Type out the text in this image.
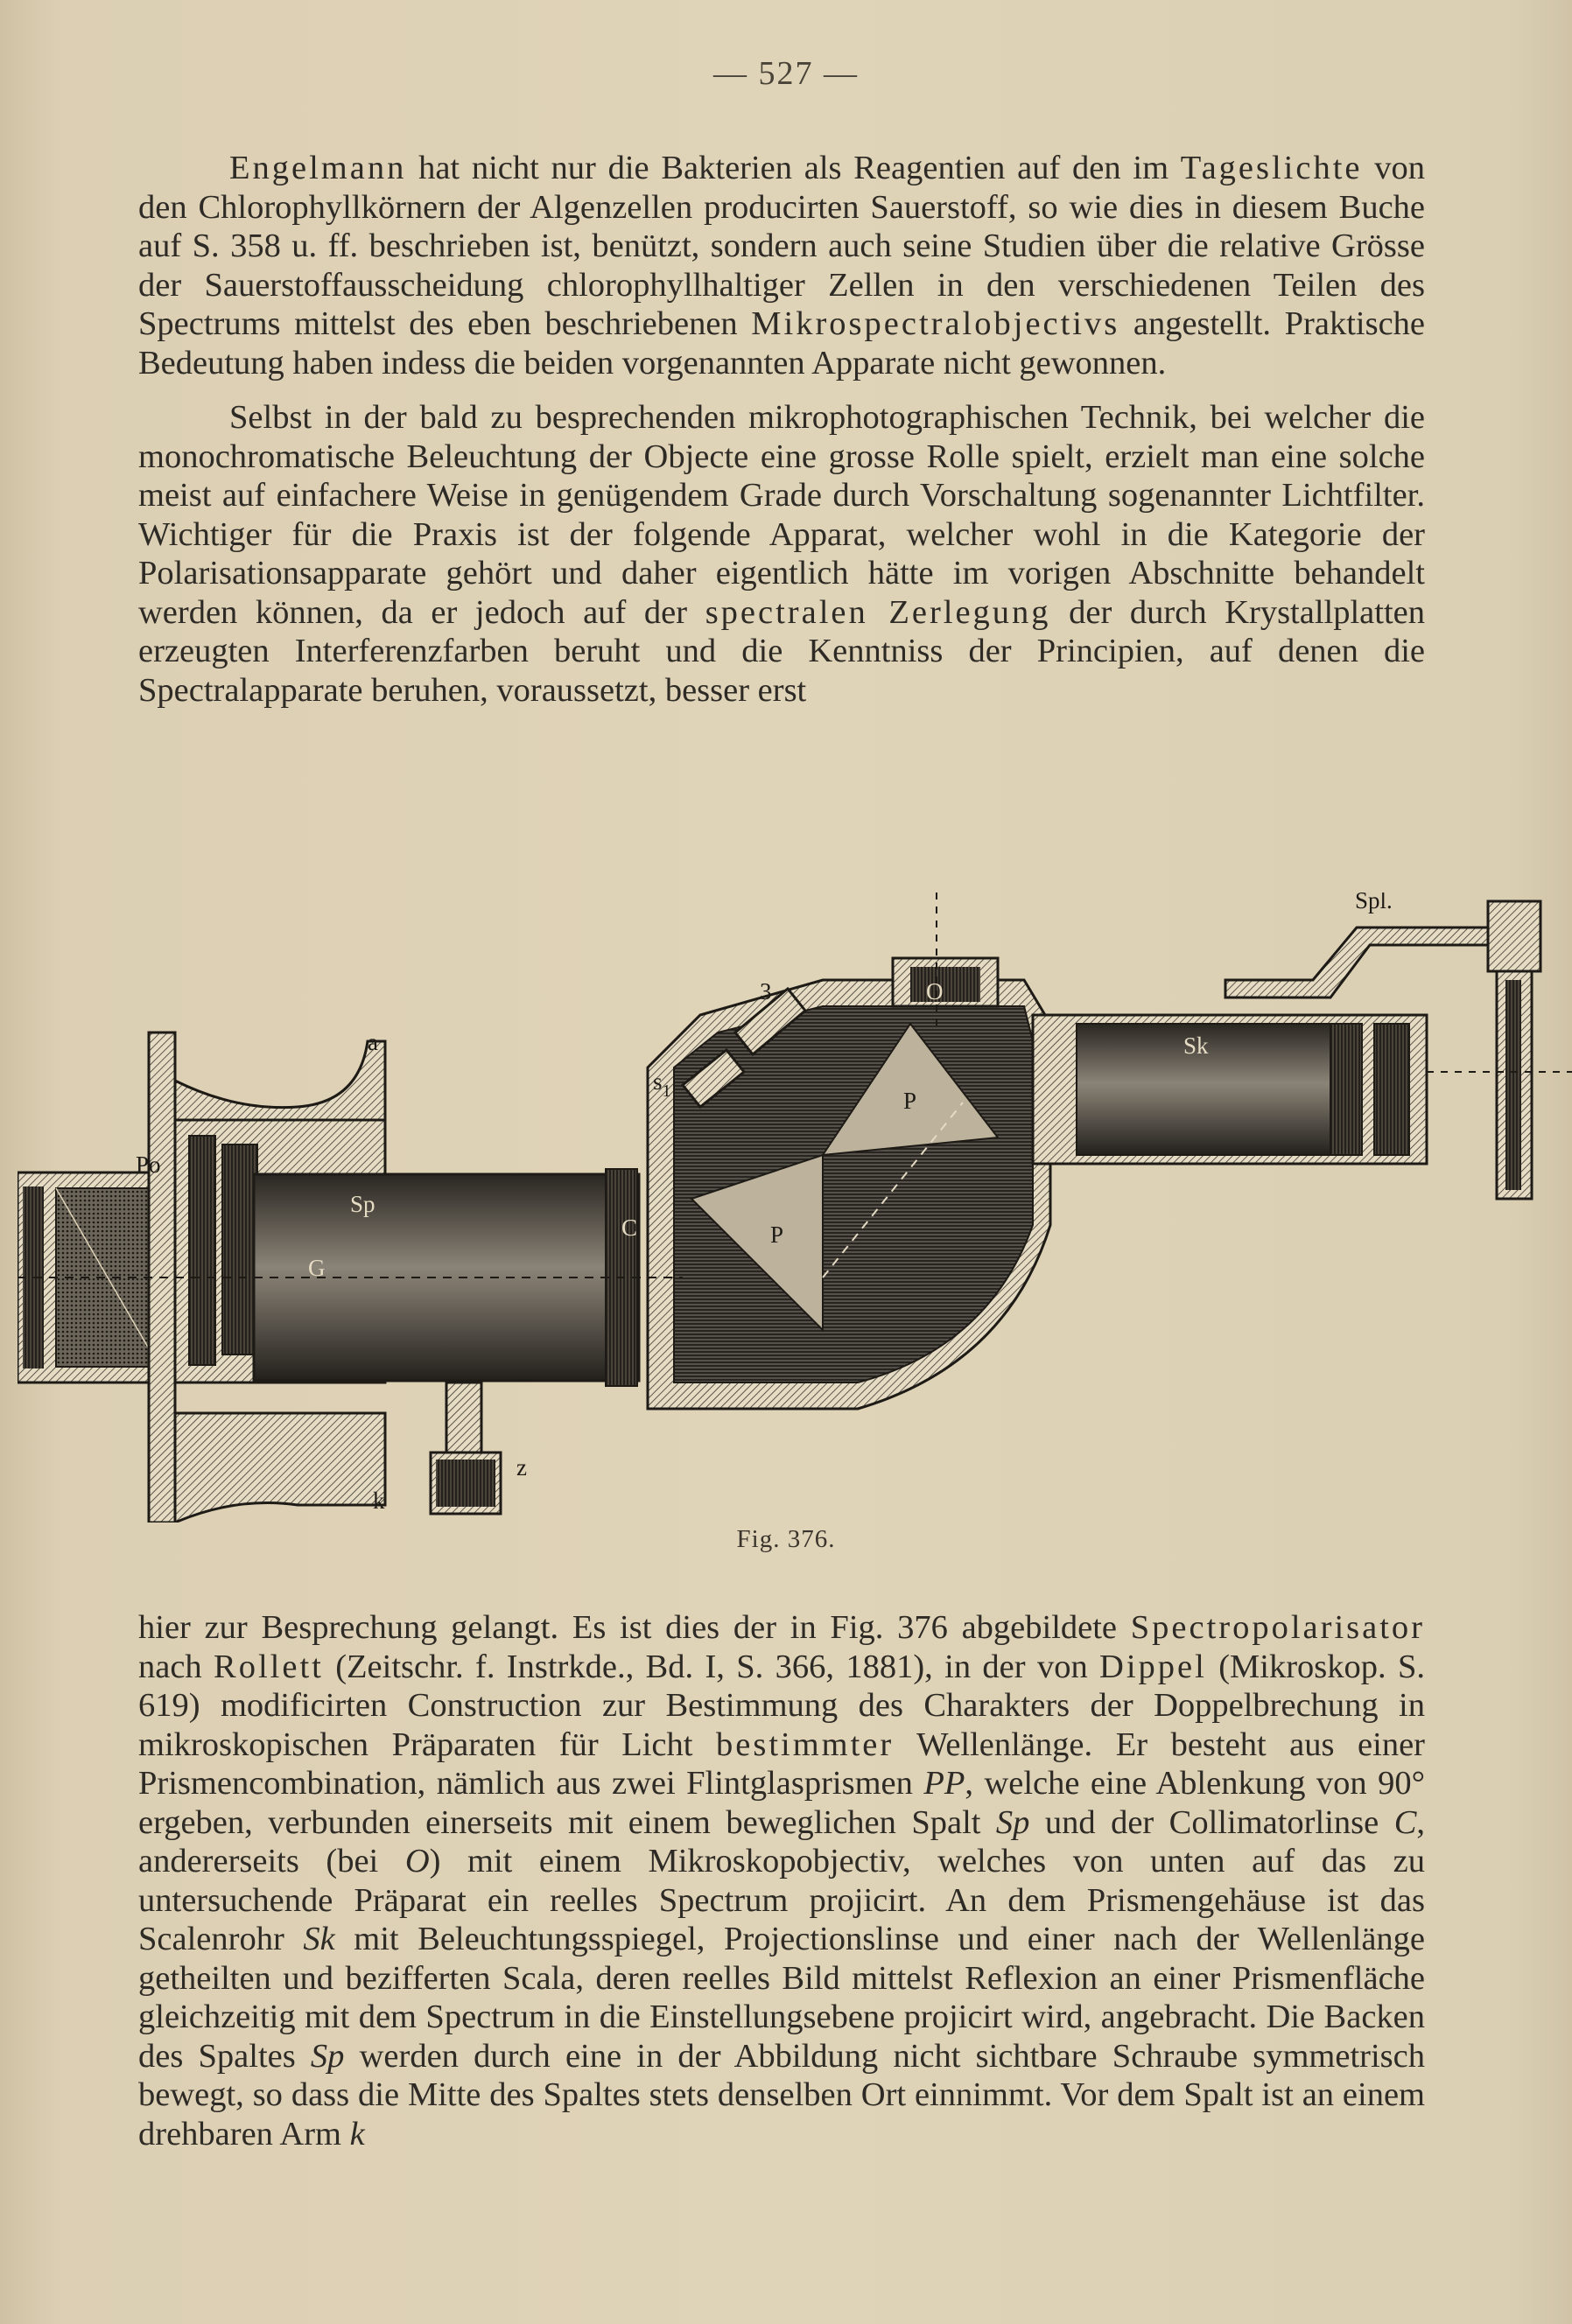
— 527 —

Engelmann hat nicht nur die Bakterien als Reagentien auf den im Tageslichte von den Chlorophyllkörnern der Algenzellen producirten Sauerstoff, so wie dies in diesem Buche auf S. 358 u. ff. beschrieben ist, benützt, sondern auch seine Studien über die relative Grösse der Sauerstoffausscheidung chlorophyllhaltiger Zellen in den verschiedenen Teilen des Spectrums mittelst des eben beschriebenen Mikrospectralobjectivs angestellt. Praktische Bedeutung haben indess die beiden vorgenannten Apparate nicht gewonnen.

Selbst in der bald zu besprechenden mikrophotographischen Technik, bei welcher die monochromatische Beleuchtung der Objecte eine grosse Rolle spielt, erzielt man eine solche meist auf einfachere Weise in genügendem Grade durch Vorschaltung sogenannter Lichtfilter. Wichtiger für die Praxis ist der folgende Apparat, welcher wohl in die Kategorie der Polarisationsapparate gehört und daher eigentlich hätte im vorigen Abschnitte behandelt werden können, da er jedoch auf der spectralen Zerlegung der durch Krystallplatten erzeugten Interferenzfarben beruht und die Kenntniss der Principien, auf denen die Spectralapparate beruhen, voraussetzt, besser erst

Spl.
O
3
$s_1$
a
Po
Sp
G
C
P
P
Sk
k
z
Fig. 376.

hier zur Besprechung gelangt. Es ist dies der in Fig. 376 abgebildete Spectropolarisator nach Rollett (Zeitschr. f. Instrkde., Bd. I, S. 366, 1881), in der von Dippel (Mikroskop. S. 619) modificirten Construction zur Bestimmung des Charakters der Doppelbrechung in mikroskopischen Präparaten für Licht bestimmter Wellenlänge. Er besteht aus einer Prismencombination, nämlich aus zwei Flintglasprismen PP, welche eine Ablenkung von 90° ergeben, verbunden einerseits mit einem beweglichen Spalt Sp und der Collimatorlinse C, andererseits (bei O) mit einem Mikroskopobjectiv, welches von unten auf das zu untersuchende Präparat ein reelles Spectrum projicirt. An dem Prismengehäuse ist das Scalenrohr Sk mit Beleuchtungsspiegel, Projectionslinse und einer nach der Wellenlänge getheilten und bezifferten Scala, deren reelles Bild mittelst Reflexion an einer Prismenfläche gleichzeitig mit dem Spectrum in die Einstellungsebene projicirt wird, angebracht. Die Backen des Spaltes Sp werden durch eine in der Abbildung nicht sichtbare Schraube symmetrisch bewegt, so dass die Mitte des Spaltes stets denselben Ort einnimmt. Vor dem Spalt ist an einem drehbaren Arm k
